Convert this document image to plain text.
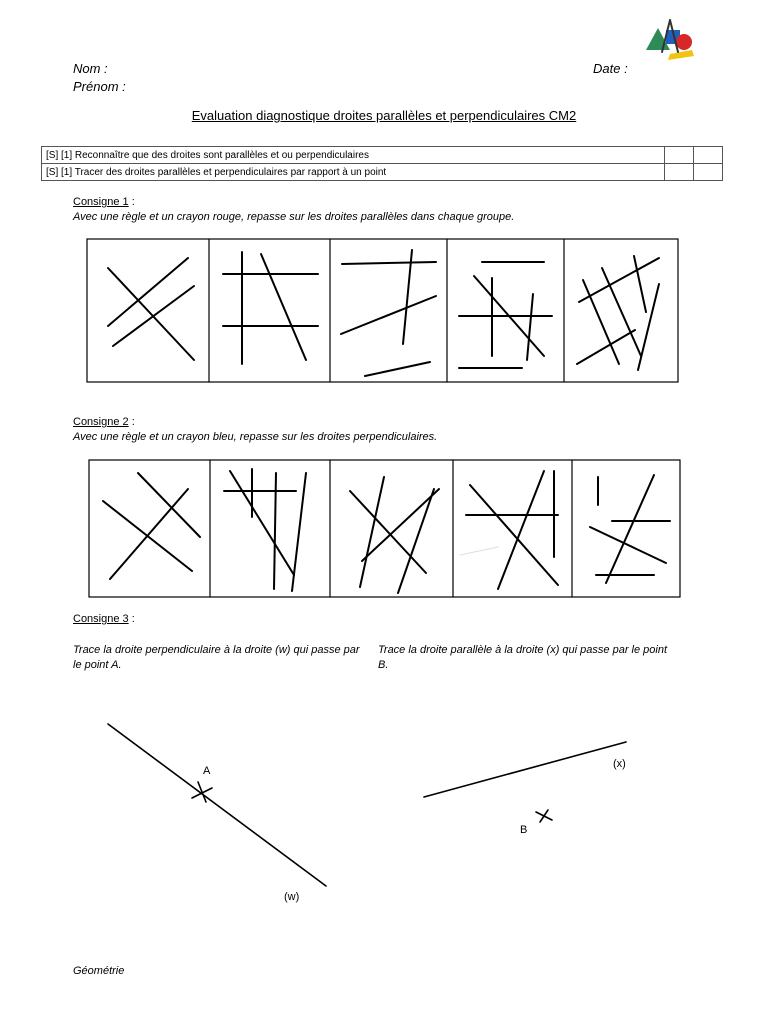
Nom :
Prénom :
Date :
Evaluation diagnostique droites parallèles et perpendiculaires CM2
[S] [1] Reconnaître que des droites sont parallèles et ou perpendiculaires		
[S] [1] Tracer des droites parallèles et perpendiculaires par rapport à un point		
Consigne 1 :
Avec une règle et un crayon rouge, repasse sur les droites parallèles dans chaque groupe.
Consigne 2 :
Avec une règle et un crayon bleu, repasse sur les droites perpendiculaires.
Consigne 3 :
Trace la droite perpendiculaire à la droite (w) qui passe par le point A.
Trace la droite parallèle à la droite (x) qui passe par le point B.
A
(w)
B
(x)
Géométrie
